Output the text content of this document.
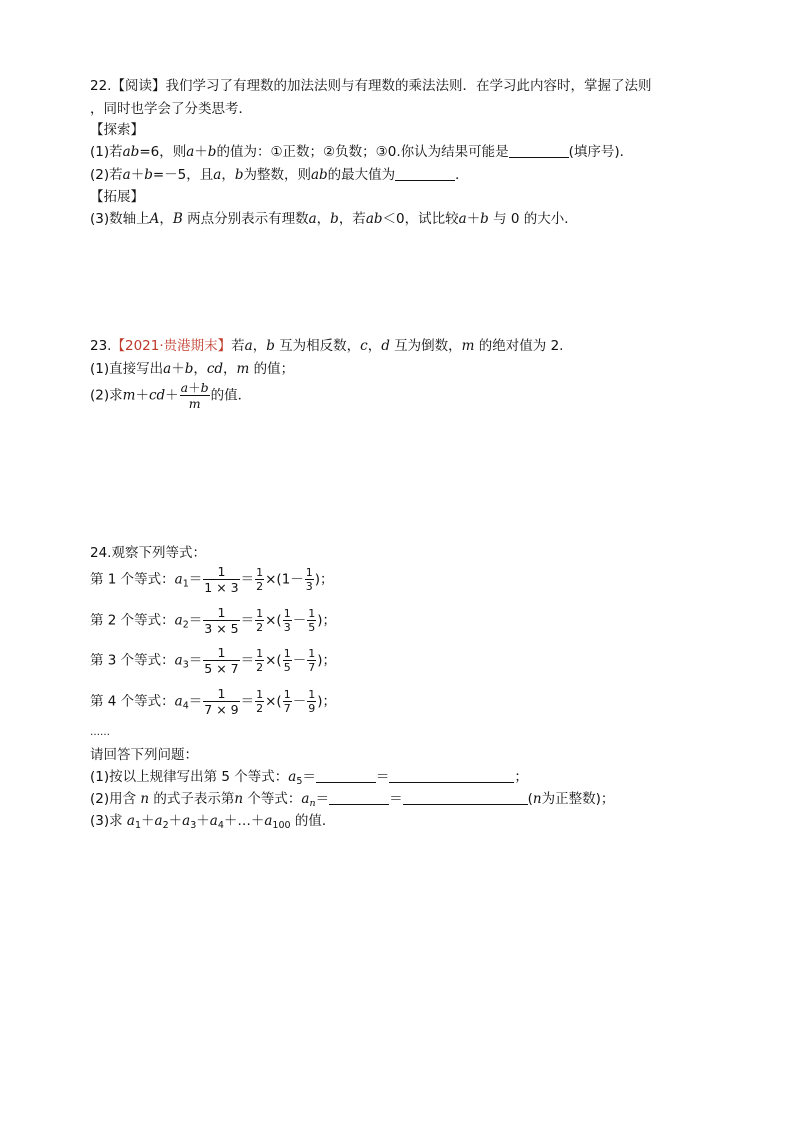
22.【阅读】我们学习了有理数的加法法则与有理数的乘法法则．在学习此内容时，掌握了法则
，同时也学会了分类思考．
【探索】
(1)若ab=6，则a＋b的值为：①正数；②负数；③0.你认为结果可能是	(填序号)．
(2)若a＋b=－5，且a，b为整数，则ab的最大值为	．
【拓展】
(3)数轴上A，B 两点分别表示有理数a，b，若ab＜0，试比较a＋b 与 0 的大小．
23.【2021·贵港期末】若a，b 互为相反数，c，d 互为倒数，m 的绝对值为 2.
(1)直接写出a＋b，cd，m 的值；
(2)求$m+cd+ \frac{a+b}{m}$ 的值．
24.观察下列等式：
第 1 个等式：$a_1= \frac{1}{1 \times 3} = \frac{1}{2} \times(1- \frac{1}{3}$ )；
第 2 个等式：$a_2= \frac{1}{3 \times 5} = \frac{1}{2}$ ×( $\frac{1}{3} - \frac{1}{5}$ )；
第 3 个等式：$a_3= \frac{1}{5 \times 7} = \frac{1}{2}$ ×( $\frac{1}{5} - \frac{1}{7}$ )；
第 4 个等式：$a_4= \frac{1}{7 \times 9} = \frac{1}{2}$ ×( $\frac{1}{7} - \frac{1}{9}$ )；
……
请回答下列问题：
(1)按以上规律写出第 5 个等式：$a_5=$	＝	；
(2)用含 n 的式子表示第n 个等式：$a_n=$	＝	(n为正整数)；
(3)求 $a_1+a_2+a_3+a_4+\dots+a_{100}$ 的值．
